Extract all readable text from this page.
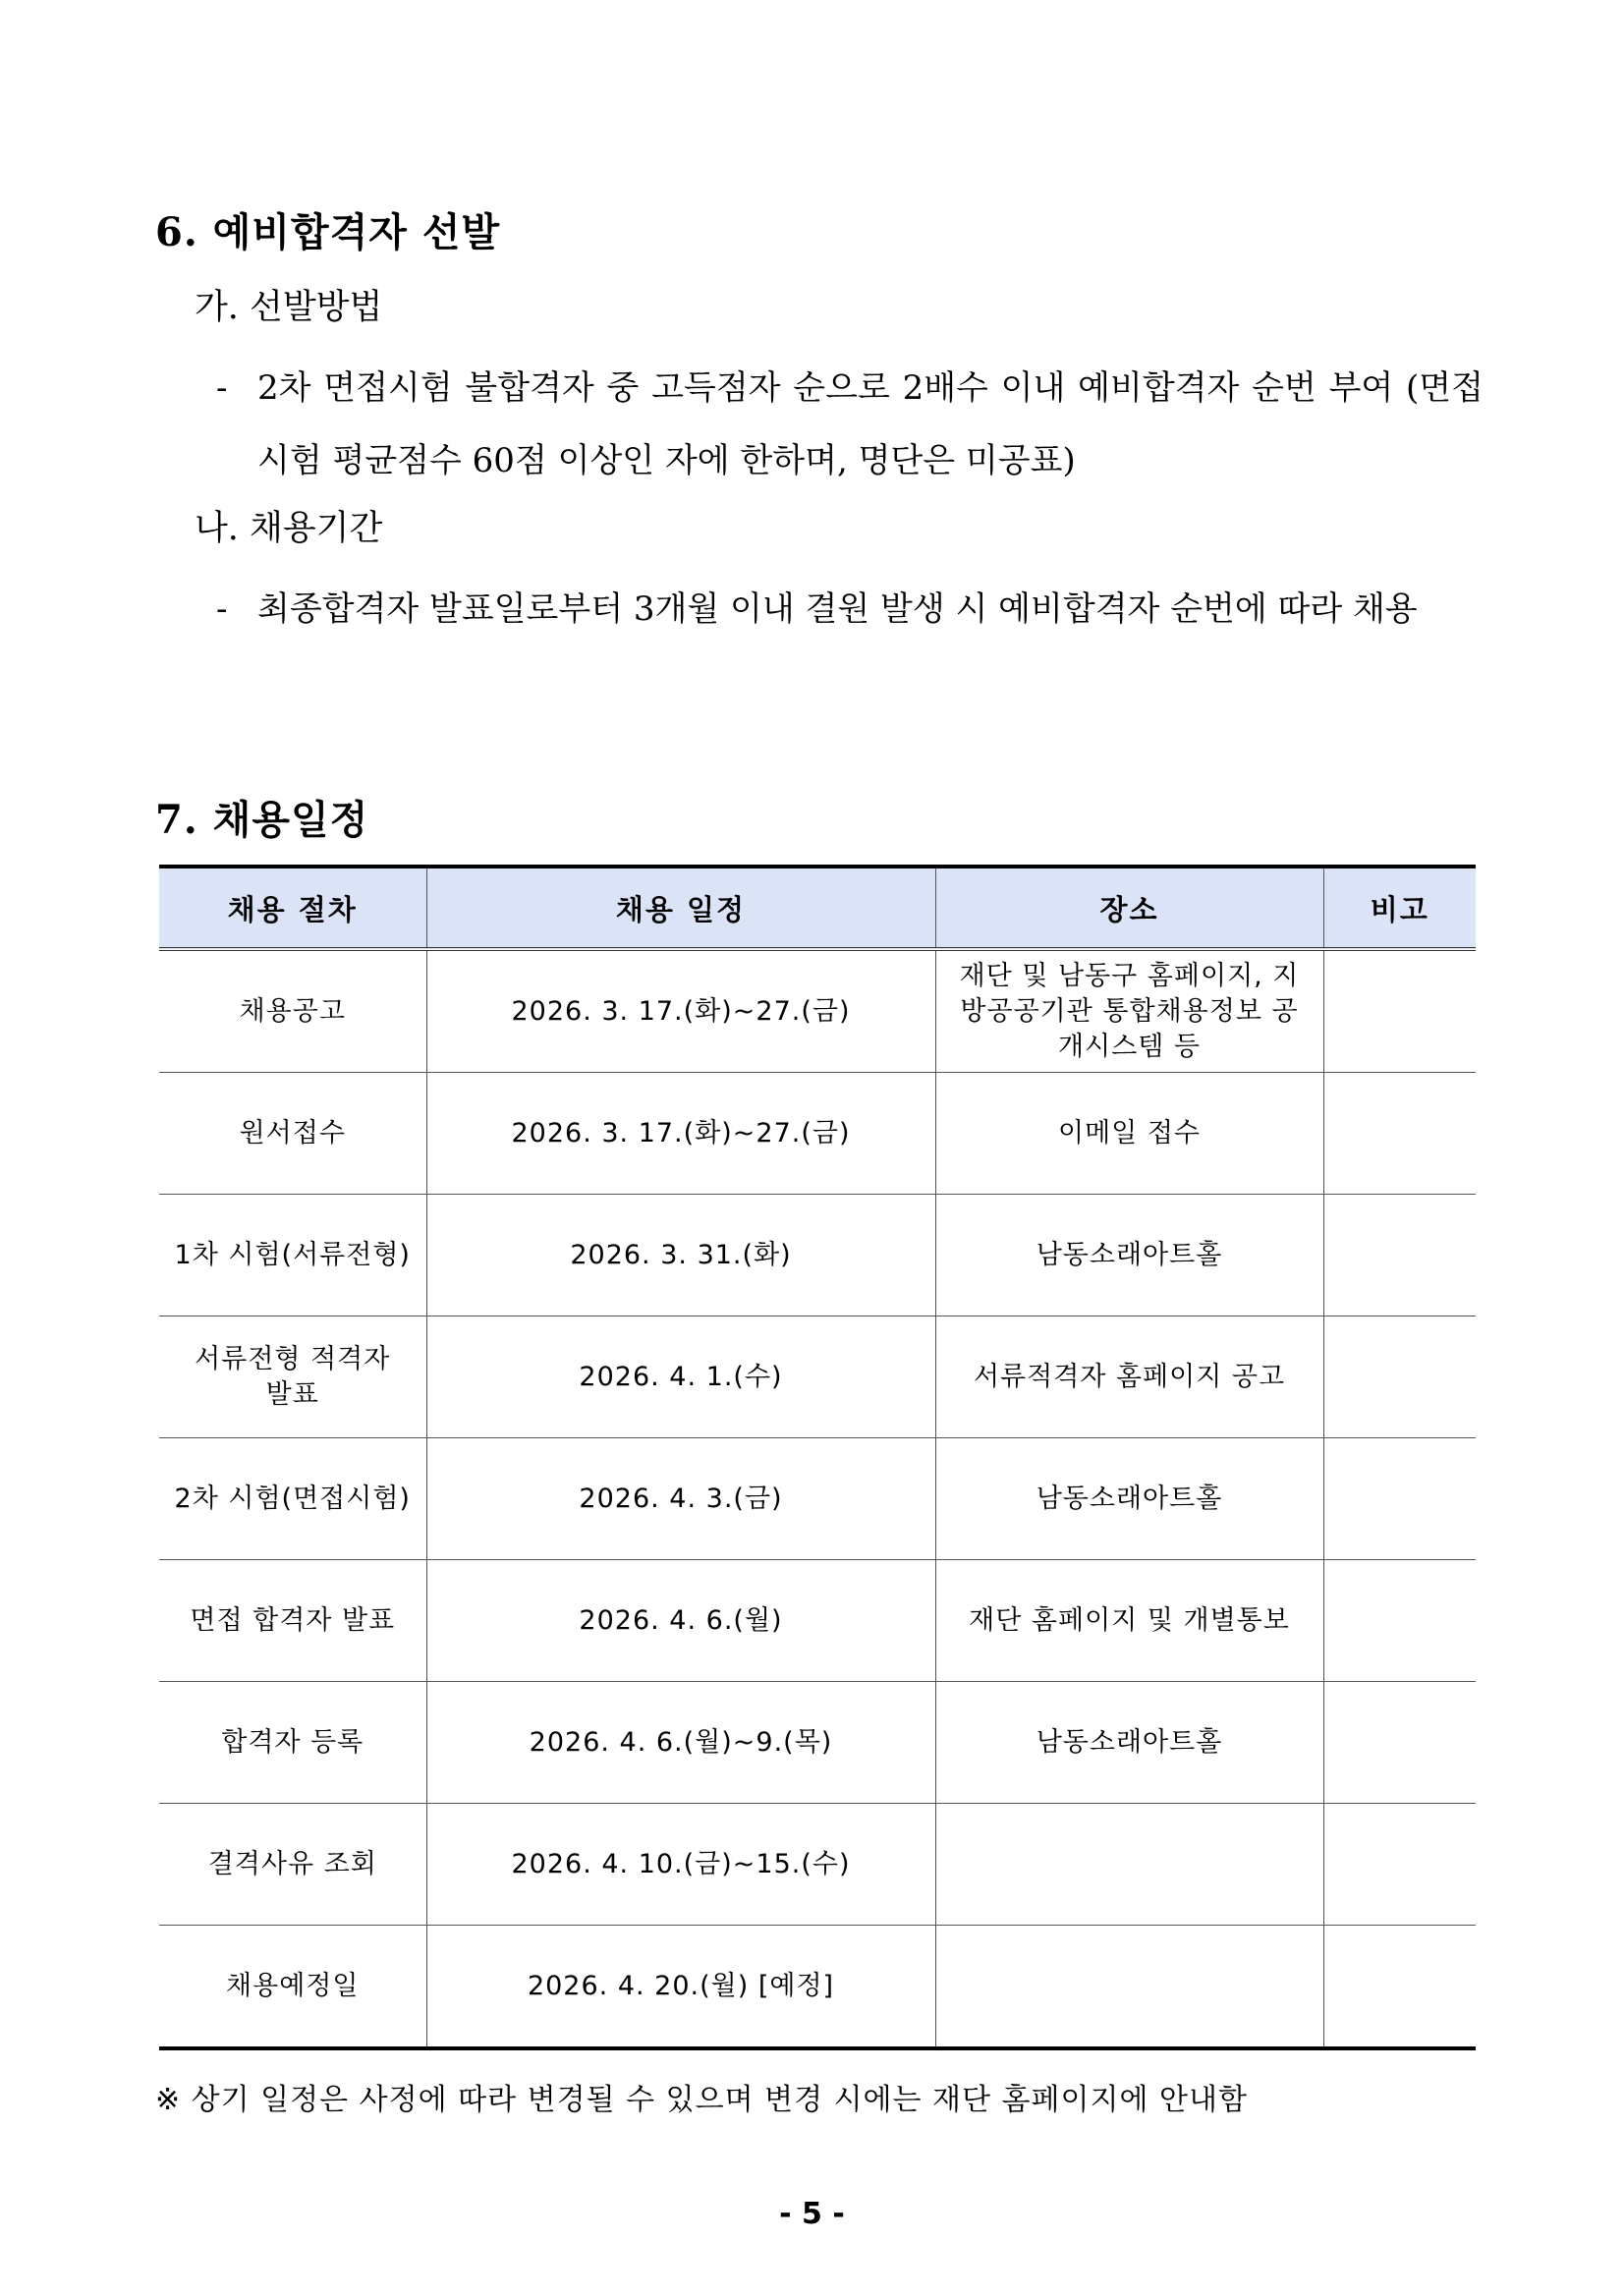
6. 예비합격자 선발
가. 선발방법
- 2차 면접시험 불합격자 중 고득점자 순으로 2배수 이내 예비합격자 순번 부여 (면접시험 평균점수 60점 이상인 자에 한하며, 명단은 미공표)
나. 채용기간
- 최종합격자 발표일로부터 3개월 이내 결원 발생 시 예비합격자 순번에 따라 채용
7. 채용일정
채용 절차	채용 일정	장소	비고
채용공고	2026. 3. 17.(화)~27.(금)	재단 및 남동구 홈페이지, 지방공공기관 통합채용정보 공개시스템 등	
원서접수	2026. 3. 17.(화)~27.(금)	이메일 접수	
1차 시험(서류전형)	2026. 3. 31.(화)	남동소래아트홀	
서류전형 적격자 발표	2026. 4. 1.(수)	서류적격자 홈페이지 공고	
2차 시험(면접시험)	2026. 4. 3.(금)	남동소래아트홀	
면접 합격자 발표	2026. 4. 6.(월)	재단 홈페이지 및 개별통보	
합격자 등록	2026. 4. 6.(월)~9.(목)	남동소래아트홀	
결격사유 조회	2026. 4. 10.(금)~15.(수)		
채용예정일	2026. 4. 20.(월) [예정]		
※ 상기 일정은 사정에 따라 변경될 수 있으며 변경 시에는 재단 홈페이지에 안내함
- 5 -
